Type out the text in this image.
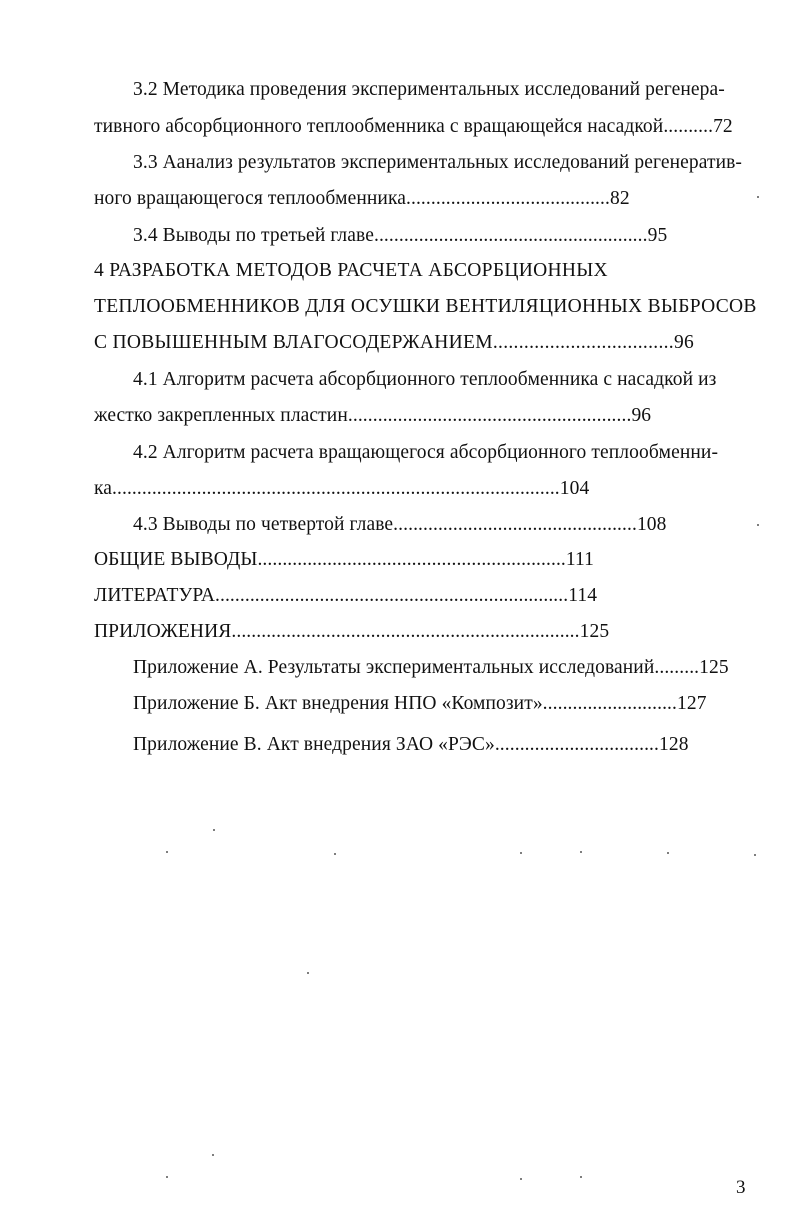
3.2 Методика проведения экспериментальных исследований регенера-
тивного абсорбционного теплообменника с вращающейся насадкой..........72
3.3 Аанализ результатов экспериментальных исследований регенератив-
ного вращающегося теплообменника.........................................82
3.4 Выводы по третьей главе.......................................................95
4 РАЗРАБОТКА МЕТОДОВ РАСЧЕТА АБСОРБЦИОННЫХ
ТЕПЛООБМЕННИКОВ ДЛЯ ОСУШКИ ВЕНТИЛЯЦИОННЫХ ВЫБРОСОВ
С ПОВЫШЕННЫМ ВЛАГОСОДЕРЖАНИЕМ...................................96
4.1 Алгоритм расчета абсорбционного теплообменника с насадкой из
жестко закрепленных пластин.........................................................96
4.2 Алгоритм расчета вращающегося абсорбционного теплообменни-
ка..........................................................................................104
4.3 Выводы по четвертой главе.................................................108
ОБЩИЕ ВЫВОДЫ..............................................................111
ЛИТЕРАТУРА.......................................................................114
ПРИЛОЖЕНИЯ......................................................................125
Приложение А. Результаты экспериментальных исследований.........125
Приложение Б. Акт внедрения НПО «Композит»...........................127
Приложение В. Акт внедрения ЗАО «РЭС».................................128
3
